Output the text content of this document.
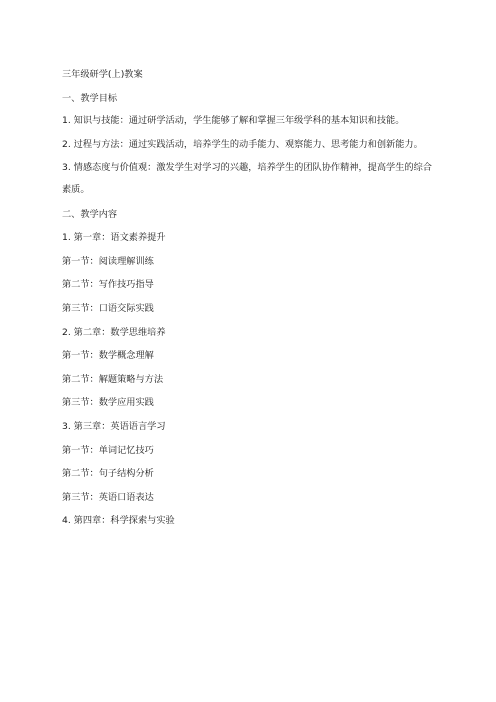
三年级研学(上)教案

一、教学目标

1. 知识与技能：通过研学活动，学生能够了解和掌握三年级学科的基本知识和技能。

2. 过程与方法：通过实践活动，培养学生的动手能力、观察能力、思考能力和创新能力。

3. 情感态度与价值观：激发学生对学习的兴趣，培养学生的团队协作精神，提高学生的综合素质。

二、教学内容

1. 第一章：语文素养提升

第一节：阅读理解训练

第二节：写作技巧指导

第三节：口语交际实践

2. 第二章：数学思维培养

第一节：数学概念理解

第二节：解题策略与方法

第三节：数学应用实践

3. 第三章：英语语言学习

第一节：单词记忆技巧

第二节：句子结构分析

第三节：英语口语表达

4. 第四章：科学探索与实验
